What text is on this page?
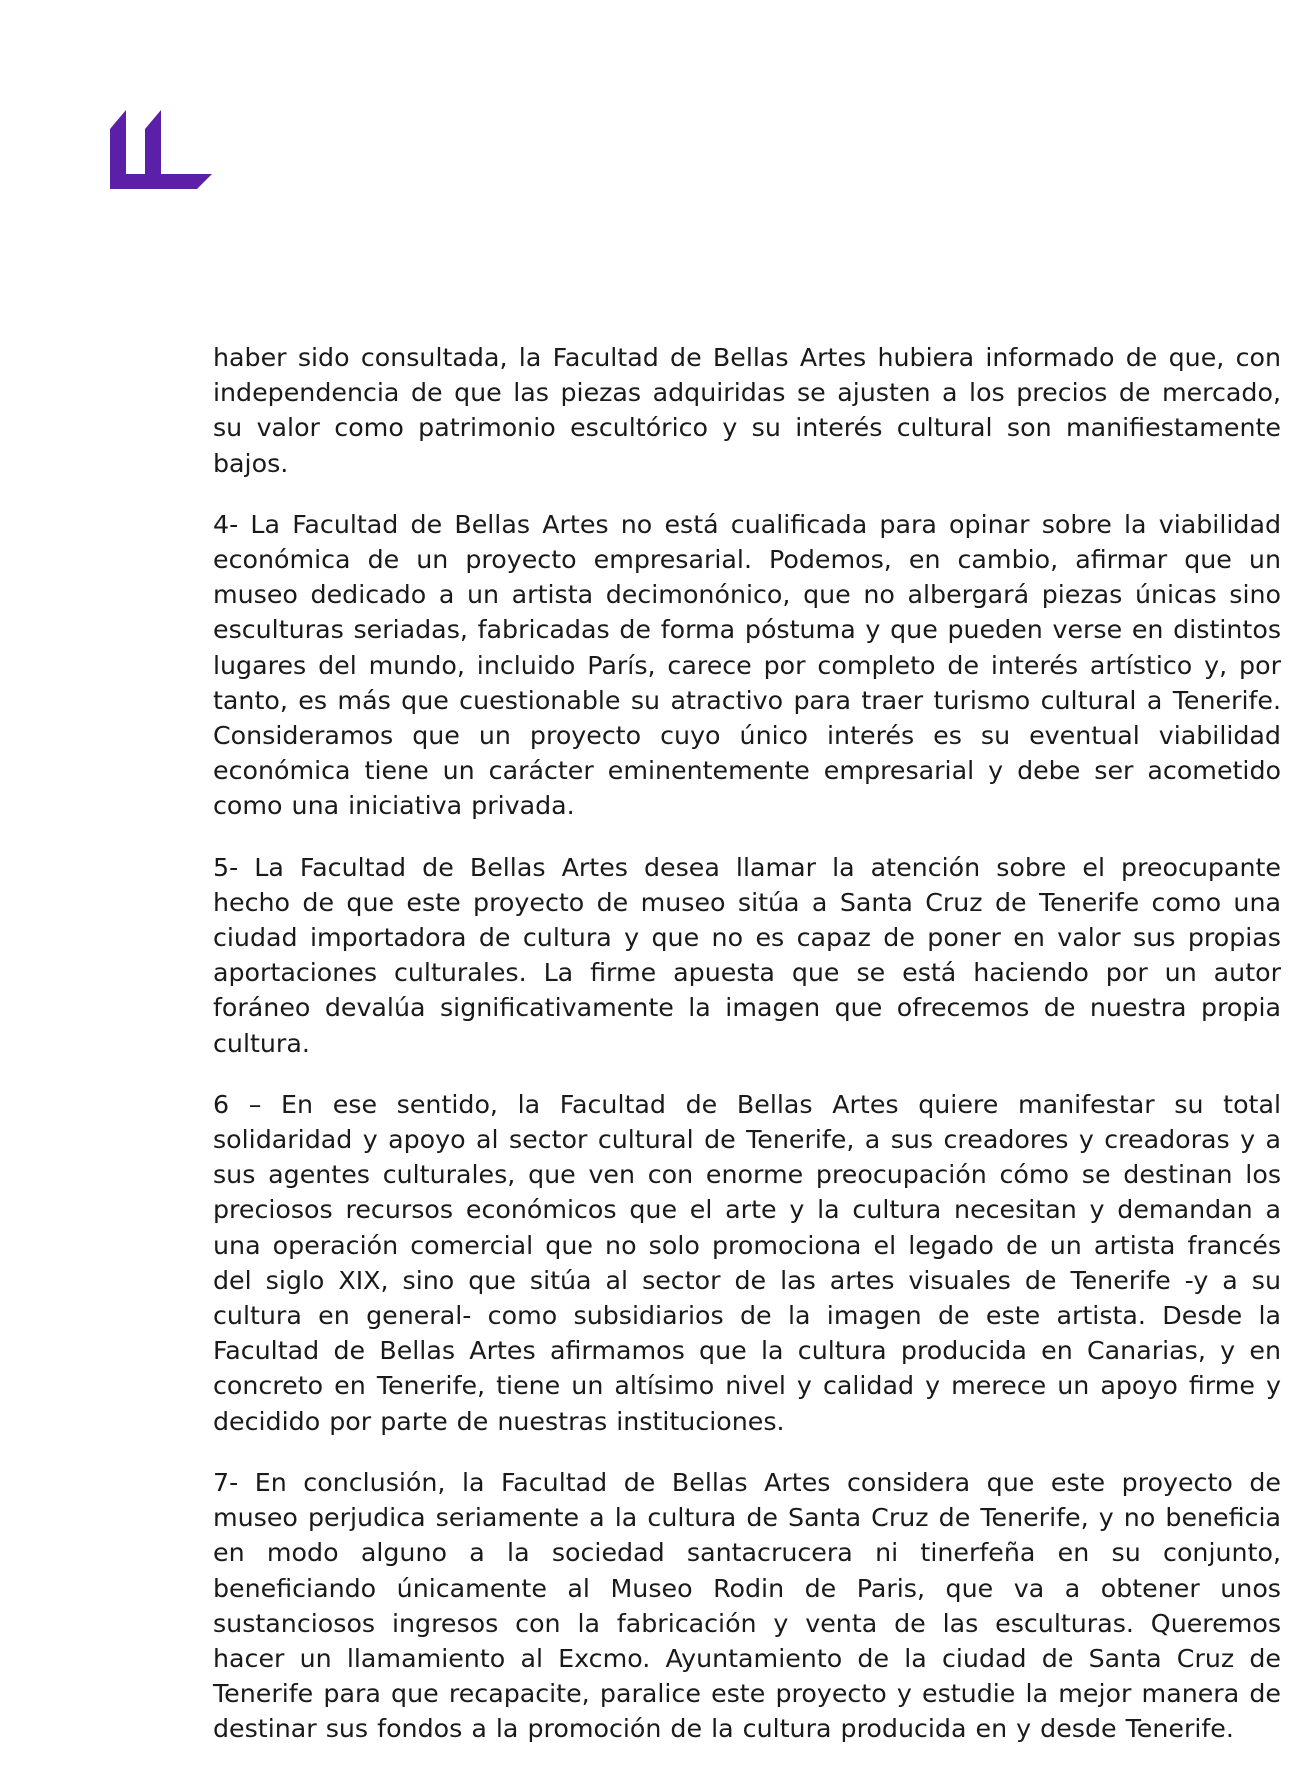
haber sido consultada, la Facultad de Bellas Artes hubiera informado de que, con independencia de que las piezas adquiridas se ajusten a los precios de mercado, su valor como patrimonio escultórico y su interés cultural son manifiestamente bajos.

4- La Facultad de Bellas Artes no está cualificada para opinar sobre la viabilidad económica de un proyecto empresarial. Podemos, en cambio, afirmar que un museo dedicado a un artista decimonónico, que no albergará piezas únicas sino esculturas seriadas, fabricadas de forma póstuma y que pueden verse en distintos lugares del mundo, incluido París, carece por completo de interés artístico y, por tanto, es más que cuestionable su atractivo para traer turismo cultural a Tenerife. Consideramos que un proyecto cuyo único interés es su eventual viabilidad económica tiene un carácter eminentemente empresarial y debe ser acometido como una iniciativa privada.

5- La Facultad de Bellas Artes desea llamar la atención sobre el preocupante hecho de que este proyecto de museo sitúa a Santa Cruz de Tenerife como una ciudad importadora de cultura y que no es capaz de poner en valor sus propias aportaciones culturales. La firme apuesta que se está haciendo por un autor foráneo devalúa significativamente la imagen que ofrecemos de nuestra propia cultura.

6 – En ese sentido, la Facultad de Bellas Artes quiere manifestar su total solidaridad y apoyo al sector cultural de Tenerife, a sus creadores y creadoras y a sus agentes culturales, que ven con enorme preocupación cómo se destinan los preciosos recursos económicos que el arte y la cultura necesitan y demandan a una operación comercial que no solo promociona el legado de un artista francés del siglo XIX, sino que sitúa al sector de las artes visuales de Tenerife -y a su cultura en general- como subsidiarios de la imagen de este artista. Desde la Facultad de Bellas Artes afirmamos que la cultura producida en Canarias, y en concreto en Tenerife, tiene un altísimo nivel y calidad y merece un apoyo firme y decidido por parte de nuestras instituciones.

7- En conclusión, la Facultad de Bellas Artes considera que este proyecto de museo perjudica seriamente a la cultura de Santa Cruz de Tenerife, y no beneficia en modo alguno a la sociedad santacrucera ni tinerfeña en su conjunto, beneficiando únicamente al Museo Rodin de Paris, que va a obtener unos sustanciosos ingresos con la fabricación y venta de las esculturas. Queremos hacer un llamamiento al Excmo. Ayuntamiento de la ciudad de Santa Cruz de Tenerife para que recapacite, paralice este proyecto y estudie la mejor manera de destinar sus fondos a la promoción de la cultura producida en y desde Tenerife.
